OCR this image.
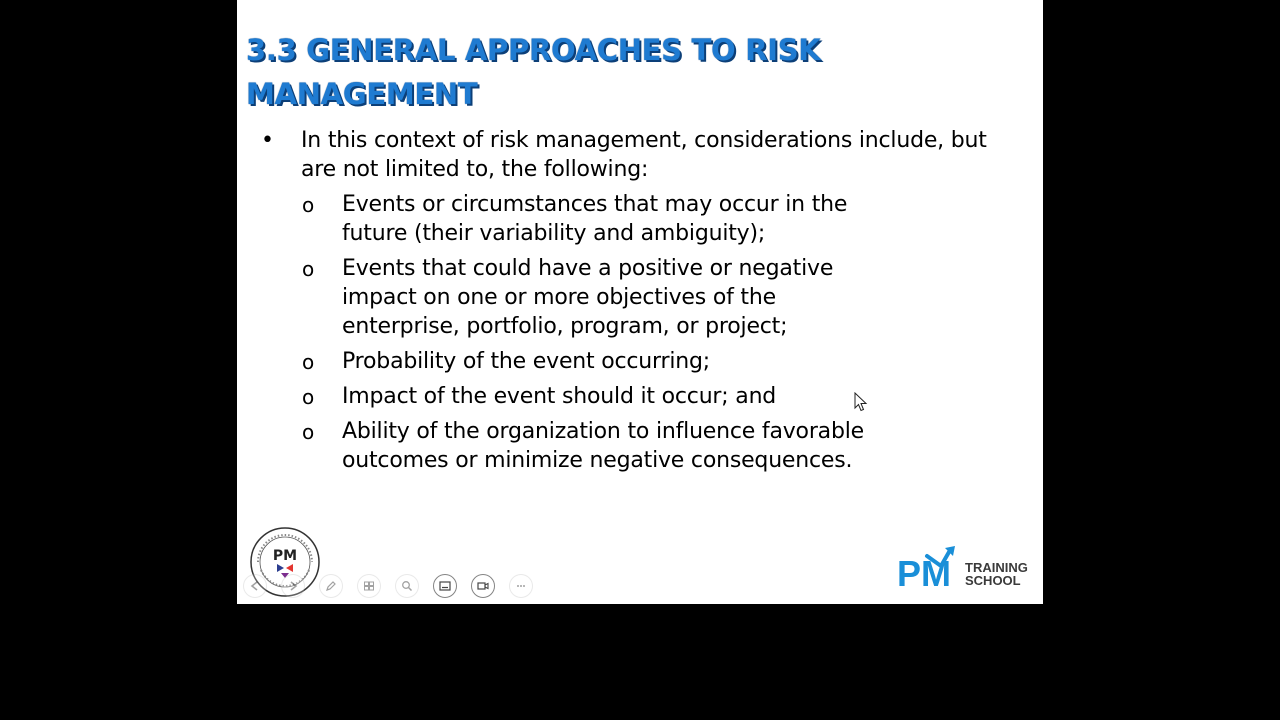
3.3 GENERAL APPROACHES TO RISK MANAGEMENT
• In this context of risk management, considerations include, but are not limited to, the following:
o Events or circumstances that may occur in the future (their variability and ambiguity);
o Events that could have a positive or negative impact on one or more objectives of the enterprise, portfolio, program, or project;
o Probability of the event occurring;
o Impact of the event should it occur; and
o Ability of the organization to influence favorable outcomes or minimize negative consequences.
PM	PM TRAINING
SCHOOL
